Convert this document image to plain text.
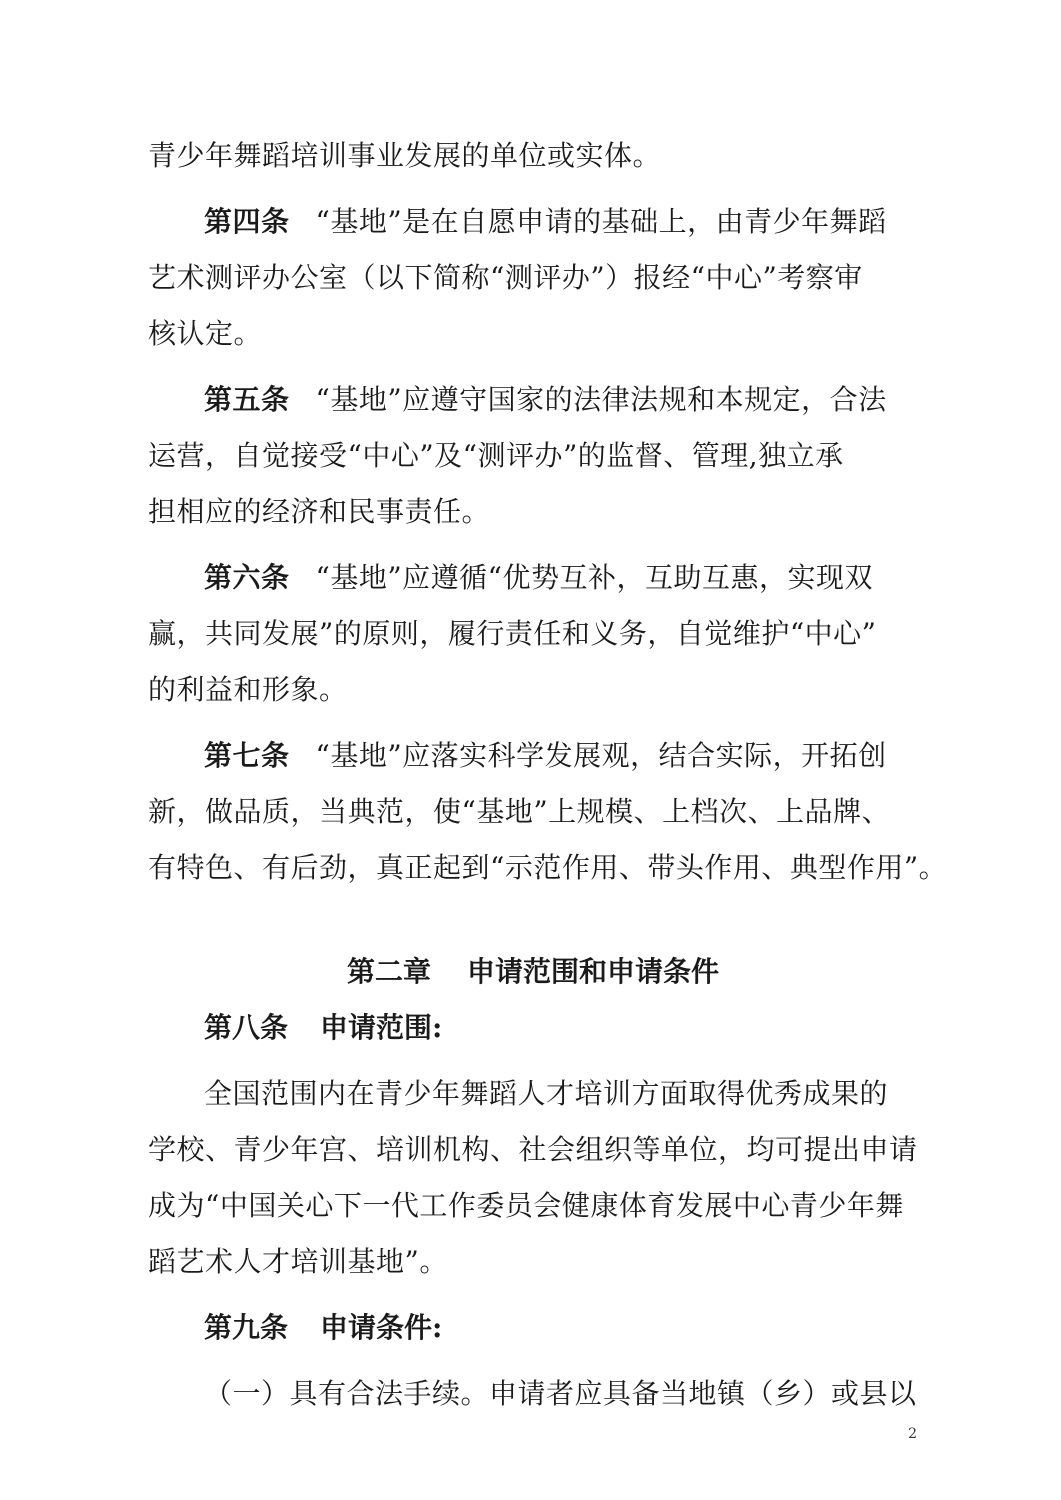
青少年舞蹈培训事业发展的单位或实体。
第四条 “基地”是在自愿申请的基础上，由青少年舞蹈
艺术测评办公室（以下简称“测评办”）报经“中心”考察审
核认定。
第五条 “基地”应遵守国家的法律法规和本规定，合法
运营，自觉接受“中心”及“测评办”的监督、管理,独立承
担相应的经济和民事责任。
第六条 “基地”应遵循“优势互补，互助互惠，实现双
赢，共同发展”的原则，履行责任和义务，自觉维护“中心”
的利益和形象。
第七条 “基地”应落实科学发展观，结合实际，开拓创
新，做品质，当典范，使“基地”上规模、上档次、上品牌、
有特色、有后劲，真正起到“示范作用、带头作用、典型作用”。
第二章 申请范围和申请条件
第八条 申请范围:
全国范围内在青少年舞蹈人才培训方面取得优秀成果的
学校、青少年宫、培训机构、社会组织等单位，均可提出申请
成为“中国关心下一代工作委员会健康体育发展中心青少年舞
蹈艺术人才培训基地”。
第九条 申请条件:
（一）具有合法手续。申请者应具备当地镇（乡）或县以
2
